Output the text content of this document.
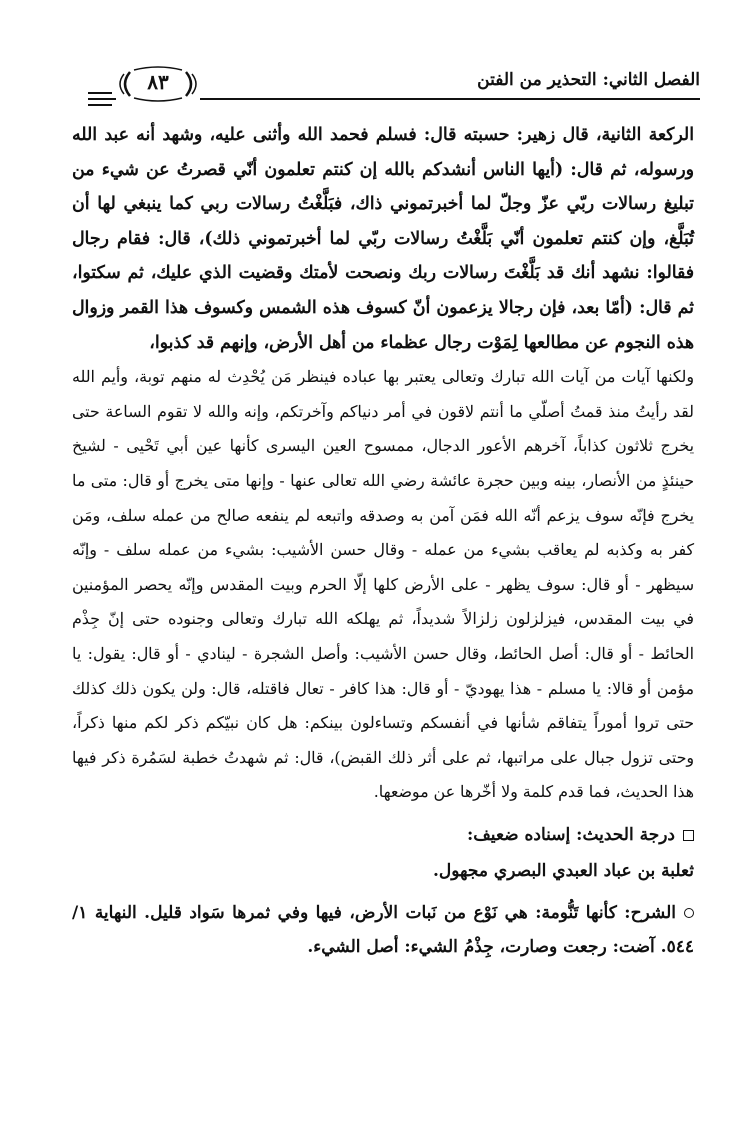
٨٣	الفصل الثاني: التحذير من الفتن

الركعة الثانية، قال زهير: حسبته قال: فسلم فحمد الله وأثنى عليه، وشهد أنه عبد الله ورسوله، ثم قال: (أيها الناس أنشدكم بالله إن كنتم تعلمون أنّي قصرتُ عن شيء من تبليغ رسالات ربّي عزّ وجلّ لما أخبرتموني ذاك، فبَلَّغْتُ رسالات ربي كما ينبغي لها أن تُبَلَّغ، وإن كنتم تعلمون أنّي بَلَّغْتُ رسالات ربّي لما أخبرتموني ذلك)، قال: فقام رجال فقالوا: نشهد أنك قد بَلَّغْتَ رسالات ربك ونصحت لأمتك وقضيت الذي عليك، ثم سكتوا، ثم قال: (أمّا بعد، فإن رجالا يزعمون أنّ كسوف هذه الشمس وكسوف هذا القمر وزوال هذه النجوم عن مطالعها لِمَوْت رجال عظماء من أهل الأرض، وإنهم قد كذبوا،

ولكنها آيات من آيات الله تبارك وتعالى يعتبر بها عباده فينظر مَن يُحْدِث له منهم توبة، وأيم الله لقد رأيتُ منذ قمتُ أصلّي ما أنتم لاقون في أمر دنياكم وآخرتكم، وإنه والله لا تقوم الساعة حتى يخرج ثلاثون كذاباً، آخرهم الأعور الدجال، ممسوح العين اليسرى كأنها عين أبي تَحْيى - لشيخ حينئذٍ من الأنصار، بينه وبين حجرة عائشة رضي الله تعالى عنها - وإنها متى يخرج أو قال: متى ما يخرج فإنّه سوف يزعم أنّه الله فمَن آمن به وصدقه واتبعه لم ينفعه صالح من عمله سلف، ومَن كفر به وكذبه لم يعاقب بشيء من عمله - وقال حسن الأشيب: بشيء من عمله سلف - وإنّه سيظهر - أو قال: سوف يظهر - على الأرض كلها إلّا الحرم وبيت المقدس وإنّه يحصر المؤمنين في بيت المقدس، فيزلزلون زلزالاً شديداً، ثم يهلكه الله تبارك وتعالى وجنوده حتى إنّ جِذْم الحائط - أو قال: أصل الحائط، وقال حسن الأشيب: وأصل الشجرة - لينادي - أو قال: يقول: يا مؤمن أو قالا: يا مسلم - هذا يهوديّ - أو قال: هذا كافر - تعال فاقتله، قال: ولن يكون ذلك كذلك حتى تروا أموراً يتفاقم شأنها في أنفسكم وتساءلون بينكم: هل كان نبيّكم ذكر لكم منها ذكراً، وحتى تزول جبال على مراتبها، ثم على أثر ذلك القبض)، قال: ثم شهدتُ خطبة لسَمُرة ذكر فيها هذا الحديث، فما قدم كلمة ولا أخّرها عن موضعها.

درجة الحديث: إسناده ضعيف:
ثعلبة بن عباد العبدي البصري مجهول.
الشرح: كأنها تَنُّومة: هي نَوْع من نَبات الأرض، فيها وفي ثمرها سَواد قليل. النهاية ١/ ٥٤٤. آضت: رجعت وصارت، جِذْمُ الشيء: أصل الشيء.
